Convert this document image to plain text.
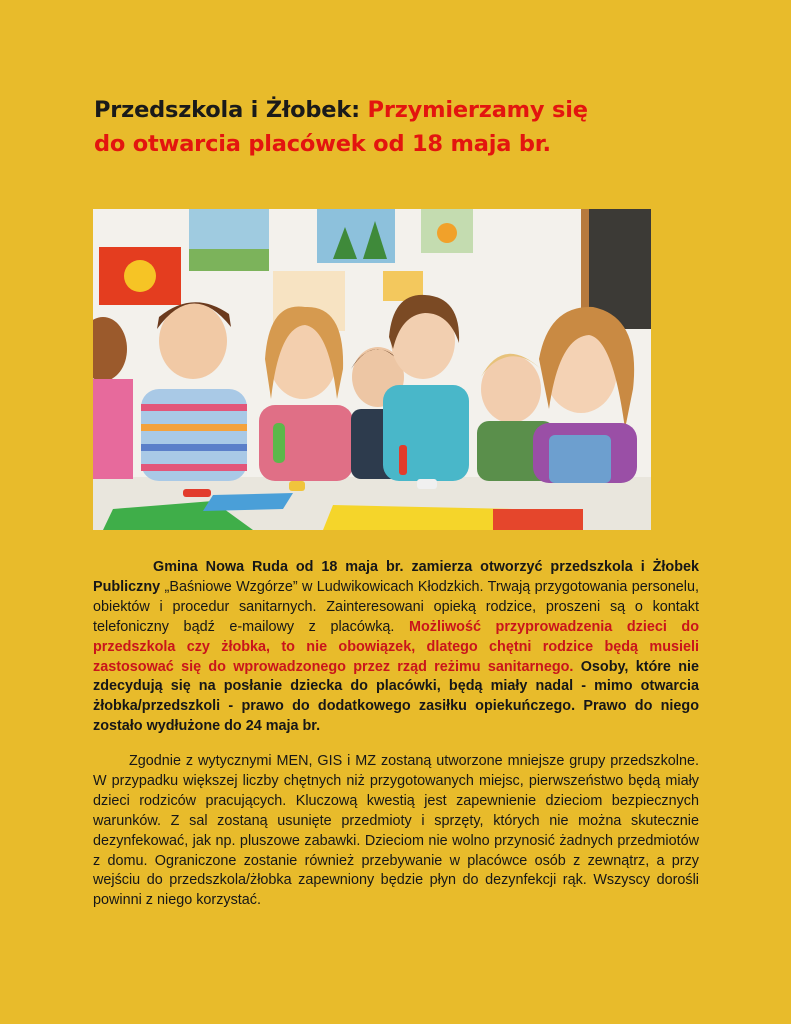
Przedszkola i Żłobek: Przymierzamy się
do otwarcia placówek od 18 maja br.
Gmina Nowa Ruda od 18 maja br. zamierza otworzyć przedszkola i Żłobek Publiczny „Baśniowe Wzgórze” w Ludwikowicach Kłodzkich. Trwają przygotowania personelu, obiektów i procedur sanitarnych. Zainteresowani opieką rodzice, proszeni są o kontakt telefoniczny bądź e-mailowy z placówką. Możliwość przyprowadzenia dzieci do przedszkola czy żłobka, to nie obowiązek, dlatego chętni rodzice będą musieli zastosować się do wprowadzonego przez rząd reżimu sanitarnego. Osoby, które nie zdecydują się na posłanie dziecka do placówki, będą miały nadal - mimo otwarcia żłobka/przedszkoli - prawo do dodatkowego zasiłku opiekuńczego. Prawo do niego zostało wydłużone do 24 maja br.
Zgodnie z wytycznymi MEN, GIS i MZ zostaną utworzone mniejsze grupy przedszkolne. W przypadku większej liczby chętnych niż przygotowanych miejsc, pierwszeństwo będą miały dzieci rodziców pracujących. Kluczową kwestią jest zapewnienie dzieciom bezpiecznych warunków. Z sal zostaną usunięte przedmioty i sprzęty, których nie można skutecznie dezynfekować, jak np. pluszowe zabawki. Dzieciom nie wolno przynosić żadnych przedmiotów z domu. Ograniczone zostanie również przebywanie w placówce osób z zewnątrz, a przy wejściu do przedszkola/żłobka zapewniony będzie płyn do dezynfekcji rąk. Wszyscy dorośli powinni z niego korzystać.
